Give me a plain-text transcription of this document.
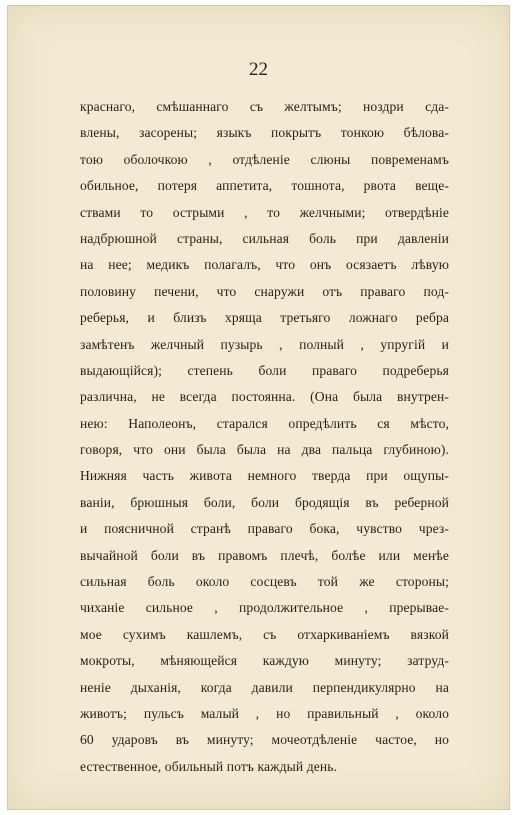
22
краснаго, смѣшаннаго съ желтымъ; ноздри сда-
влены, засорены; языкъ покрытъ тонкою бѣлова-
тою оболочкою , отдѣленіе слюны повременамъ
обильное, потеря аппетита, тошнота, рвота веще-
ствами то острыми , то желчными; отвердѣніе
надбрюшной страны, сильная боль при давленіи
на нее; медикъ полагалъ, что онъ осязаетъ лѣвую
половину печени, что снаружи отъ праваго под-
реберья, и близъ хряща третьяго ложнаго ребра
замѣтенъ желчный пузырь , полный , упругій и
выдающійся); степень боли праваго подреберья
различна, не всегда постоянна. (Она была внутрен-
нею: Наполеонъ, старался опредѣлить ся мѣсто,
говоря, что они была была на два пальца глубиною).
Нижняя часть живота немного тверда при ощупы-
ваніи, брюшныя боли, боли бродящія въ реберной
и поясничной странѣ праваго бока, чувство чрез-
вычайной боли въ правомъ плечѣ, болѣе или менѣе
сильная боль около сосцевъ той же стороны;
чиханіе сильное , продолжительное , прерывае-
мое сухимъ кашлемъ, съ отхаркиваніемъ вязкой
мокроты, мѣняющейся каждую минуту; затруд-
неніе дыханія, когда давили перпендикулярно на
животъ; пульсъ малый , но правильный , около
60 ударовъ въ минуту; мочеотдѣленіе частое, но
естественное, обильный потъ каждый день.
